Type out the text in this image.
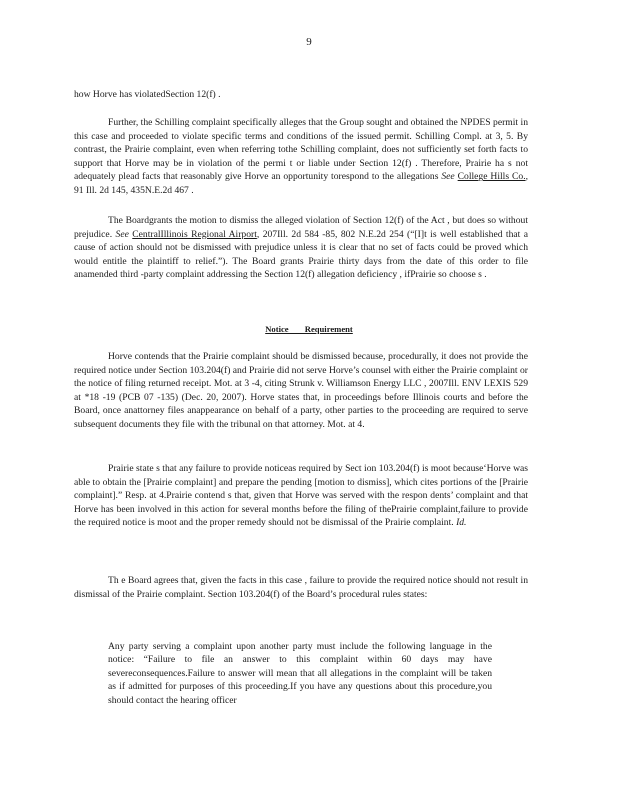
9

how Horve has violatedSection 12(f) .

Further, the Schilling complaint specifically alleges that the Group sought and obtained the NPDES permit in this case and proceeded to violate specific terms and conditions of the issued permit. Schilling Compl. at 3, 5. By contrast, the Prairie complaint, even when referring tothe Schilling complaint, does not sufficiently set forth facts to support that Horve may be in violation of the permi t or liable under Section 12(f) . Therefore, Prairie ha s not adequately plead facts that reasonably give Horve an opportunity torespond to the allegations See College Hills Co., 91 Ill. 2d 145, 435N.E.2d 467 .

The Boardgrants the motion to dismiss the alleged violation of Section 12(f) of the Act , but does so without prejudice. See CentralIllinois Regional Airport, 207Ill. 2d 584 -85, 802 N.E.2d 254 (“[I]t is well established that a cause of action should not be dismissed with prejudice unless it is clear that no set of facts could be proved which would entitle the plaintiff to relief.”). The Board grants Prairie thirty days from the date of this order to file anamended third -party complaint addressing the Section 12(f) allegation deficiency , ifPrairie so choose s .

Notice Requirement

Horve contends that the Prairie complaint should be dismissed because, procedurally, it does not provide the required notice under Section 103.204(f) and Prairie did not serve Horve’s counsel with either the Prairie complaint or the notice of filing returned receipt. Mot. at 3 -4, citing Strunk v. Williamson Energy LLC , 2007Ill. ENV LEXIS 529 at *18 -19 (PCB 07 -135) (Dec. 20, 2007). Horve states that, in proceedings before Illinois courts and before the Board, once anattorney files anappearance on behalf of a party, other parties to the proceeding are required to serve subsequent documents they file with the tribunal on that attorney. Mot. at 4.

Prairie state s that any failure to provide noticeas required by Sect ion 103.204(f) is moot because‘Horve was able to obtain the [Prairie complaint] and prepare the pending [motion to dismiss], which cites portions of the [Prairie complaint].” Resp. at 4.Prairie contend s that, given that Horve was served with the respon dents’ complaint and that Horve has been involved in this action for several months before the filing of thePrairie complaint,failure to provide the required notice is moot and the proper remedy should not be dismissal of the Prairie complaint. Id.

Th e Board agrees that, given the facts in this case , failure to provide the required notice should not result in dismissal of the Prairie complaint. Section 103.204(f) of the Board’s procedural rules states:

Any party serving a complaint upon another party must include the following language in the notice: “Failure to file an answer to this complaint within 60 days may have severeconsequences.Failure to answer will mean that all allegations in the complaint will be taken as if admitted for purposes of this proceeding.If you have any questions about this procedure,you should contact the hearing officer
